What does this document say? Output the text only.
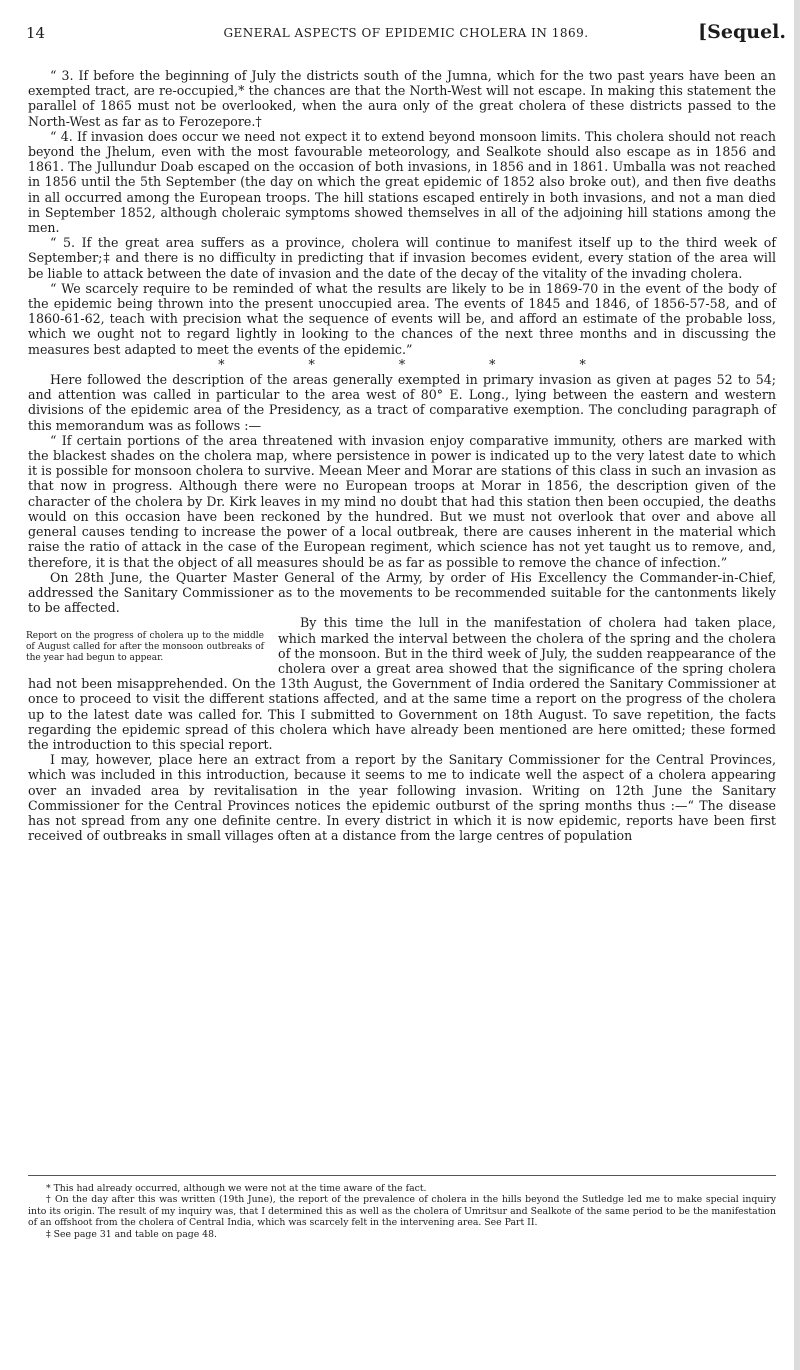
14	GENERAL ASPECTS OF EPIDEMIC CHOLERA IN 1869.	[Sequel.

“ 3. If before the beginning of July the districts south of the Jumna, which for the two past years have been an exempted tract, are re-occupied,* the chances are that the North-West will not escape. In making this statement the parallel of 1865 must not be overlooked, when the aura only of the great cholera of these districts passed to the North-West as far as to Ferozepore.†

“ 4. If invasion does occur we need not expect it to extend beyond monsoon limits. This cholera should not reach beyond the Jhelum, even with the most favourable meteorology, and Sealkote should also escape as in 1856 and 1861. The Jullundur Doab escaped on the occasion of both invasions, in 1856 and in 1861. Umballa was not reached in 1856 until the 5th September (the day on which the great epidemic of 1852 also broke out), and then five deaths in all occurred among the European troops. The hill stations escaped entirely in both invasions, and not a man died in September 1852, although choleraic symptoms showed themselves in all of the adjoining hill stations among the men.

“ 5. If the great area suffers as a province, cholera will continue to manifest itself up to the third week of September;‡ and there is no difficulty in predicting that if invasion becomes evident, every station of the area will be liable to attack between the date of invasion and the date of the decay of the vitality of the invading cholera.

“ We scarcely require to be reminded of what the results are likely to be in 1869-70 in the event of the body of the epidemic being thrown into the present unoccupied area. The events of 1845 and 1846, of 1856-57-58, and of 1860-61-62, teach with precision what the sequence of events will be, and afford an estimate of the probable loss, which we ought not to regard lightly in looking to the chances of the next three months and in discussing the measures best adapted to meet the events of the epidemic.”

* * * * *

Here followed the description of the areas generally exempted in primary invasion as given at pages 52 to 54; and attention was called in particular to the area west of 80° E. Long., lying between the eastern and western divisions of the epidemic area of the Presidency, as a tract of comparative exemption. The concluding paragraph of this memorandum was as follows :—

“ If certain portions of the area threatened with invasion enjoy comparative immunity, others are marked with the blackest shades on the cholera map, where persistence in power is indicated up to the very latest date to which it is possible for monsoon cholera to survive. Meean Meer and Morar are stations of this class in such an invasion as that now in progress. Although there were no European troops at Morar in 1856, the description given of the character of the cholera by Dr. Kirk leaves in my mind no doubt that had this station then been occupied, the deaths would on this occasion have been reckoned by the hundred. But we must not overlook that over and above all general causes tending to increase the power of a local outbreak, there are causes inherent in the material which raise the ratio of attack in the case of the European regiment, which science has not yet taught us to remove, and, therefore, it is that the object of all measures should be as far as possible to remove the chance of infection.”

On 28th June, the Quarter Master General of the Army, by order of His Excellency the Commander-in-Chief, addressed the Sanitary Commissioner as to the movements to be recommended suitable for the cantonments likely to be affected.

Report on the progress of cholera up to the middle of August called for after the monsoon outbreaks of the year had begun to appear.

By this time the lull in the manifestation of cholera had taken place, which marked the interval between the cholera of the spring and the cholera of the monsoon. But in the third week of July, the sudden reappearance of the cholera over a great area showed that the significance of the spring cholera had not been misapprehended. On the 13th August, the Government of India ordered the Sanitary Commissioner at once to proceed to visit the different stations affected, and at the same time a report on the progress of the cholera up to the latest date was called for. This I submitted to Government on 18th August. To save repetition, the facts regarding the epidemic spread of this cholera which have already been mentioned are here omitted; these formed the introduction to this special report.

I may, however, place here an extract from a report by the Sanitary Commissioner for the Central Provinces, which was included in this introduction, because it seems to me to indicate well the aspect of a cholera appearing over an invaded area by revitalisation in the year following invasion. Writing on 12th June the Sanitary Commissioner for the Central Provinces notices the epidemic outburst of the spring months thus :—“ The disease has not spread from any one definite centre. In every district in which it is now epidemic, reports have been first received of outbreaks in small villages often at a distance from the large centres of population

* This had already occurred, although we were not at the time aware of the fact.

† On the day after this was written (19th June), the report of the prevalence of cholera in the hills beyond the Sutledge led me to make special inquiry into its origin. The result of my inquiry was, that I determined this as well as the cholera of Umritsur and Sealkote of the same period to be the manifestation of an offshoot from the cholera of Central India, which was scarcely felt in the intervening area. See Part II.

‡ See page 31 and table on page 48.
